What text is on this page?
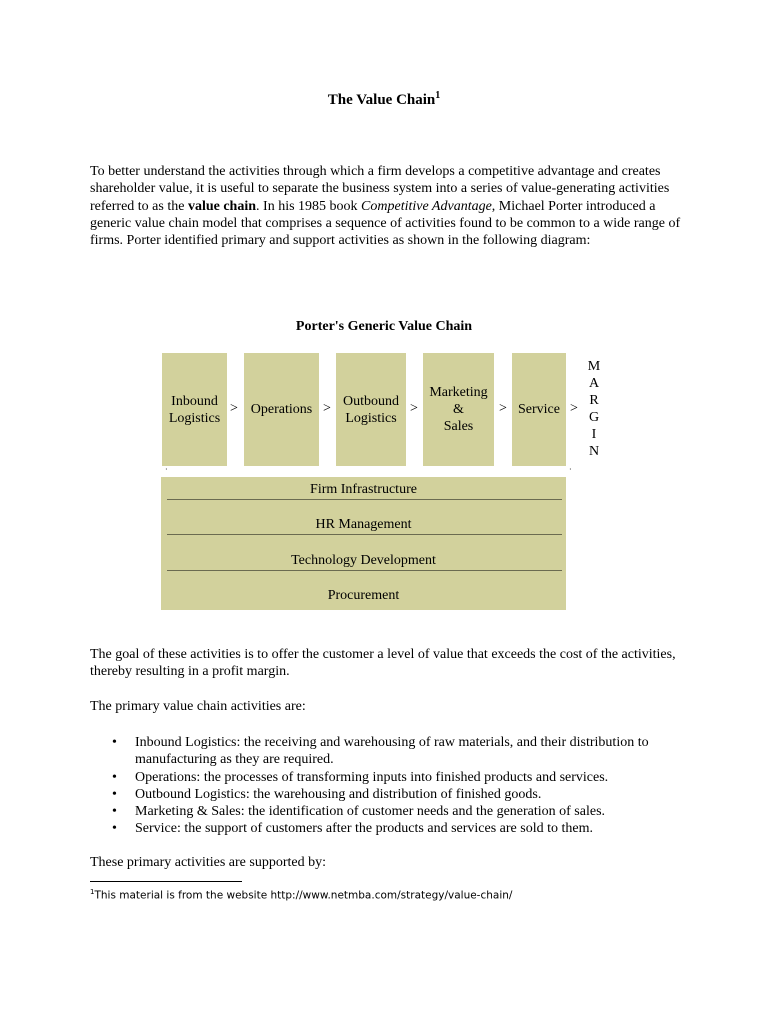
The Value Chain$^1$

To better understand the activities through which a firm develops a competitive advantage and creates shareholder value, it is useful to separate the business system into a series of value-generating activities referred to as the value chain. In his 1985 book Competitive Advantage, Michael Porter introduced a generic value chain model that comprises a sequence of activities found to be common to a wide range of firms. Porter identified primary and support activities as shown in the following diagram:

Porter's Generic Value Chain
Inbound
Logistics
> Operations > Outbound
Logistics
>
Marketing
&
Sales
> Service >
M
A
R
G
I
N
·	·
Firm Infrastructure
HR Management
Technology Development
Procurement

The goal of these activities is to offer the customer a level of value that exceeds the cost of the activities, thereby resulting in a profit margin.

The primary value chain activities are:

• Inbound Logistics: the receiving and warehousing of raw materials, and their distribution to manufacturing as they are required.
• Operations: the processes of transforming inputs into finished products and services.
• Outbound Logistics: the warehousing and distribution of finished goods.
• Marketing & Sales: the identification of customer needs and the generation of sales.
• Service: the support of customers after the products and services are sold to them.

These primary activities are supported by:

$^1$This material is from the website http://www.netmba.com/strategy/value-chain/
